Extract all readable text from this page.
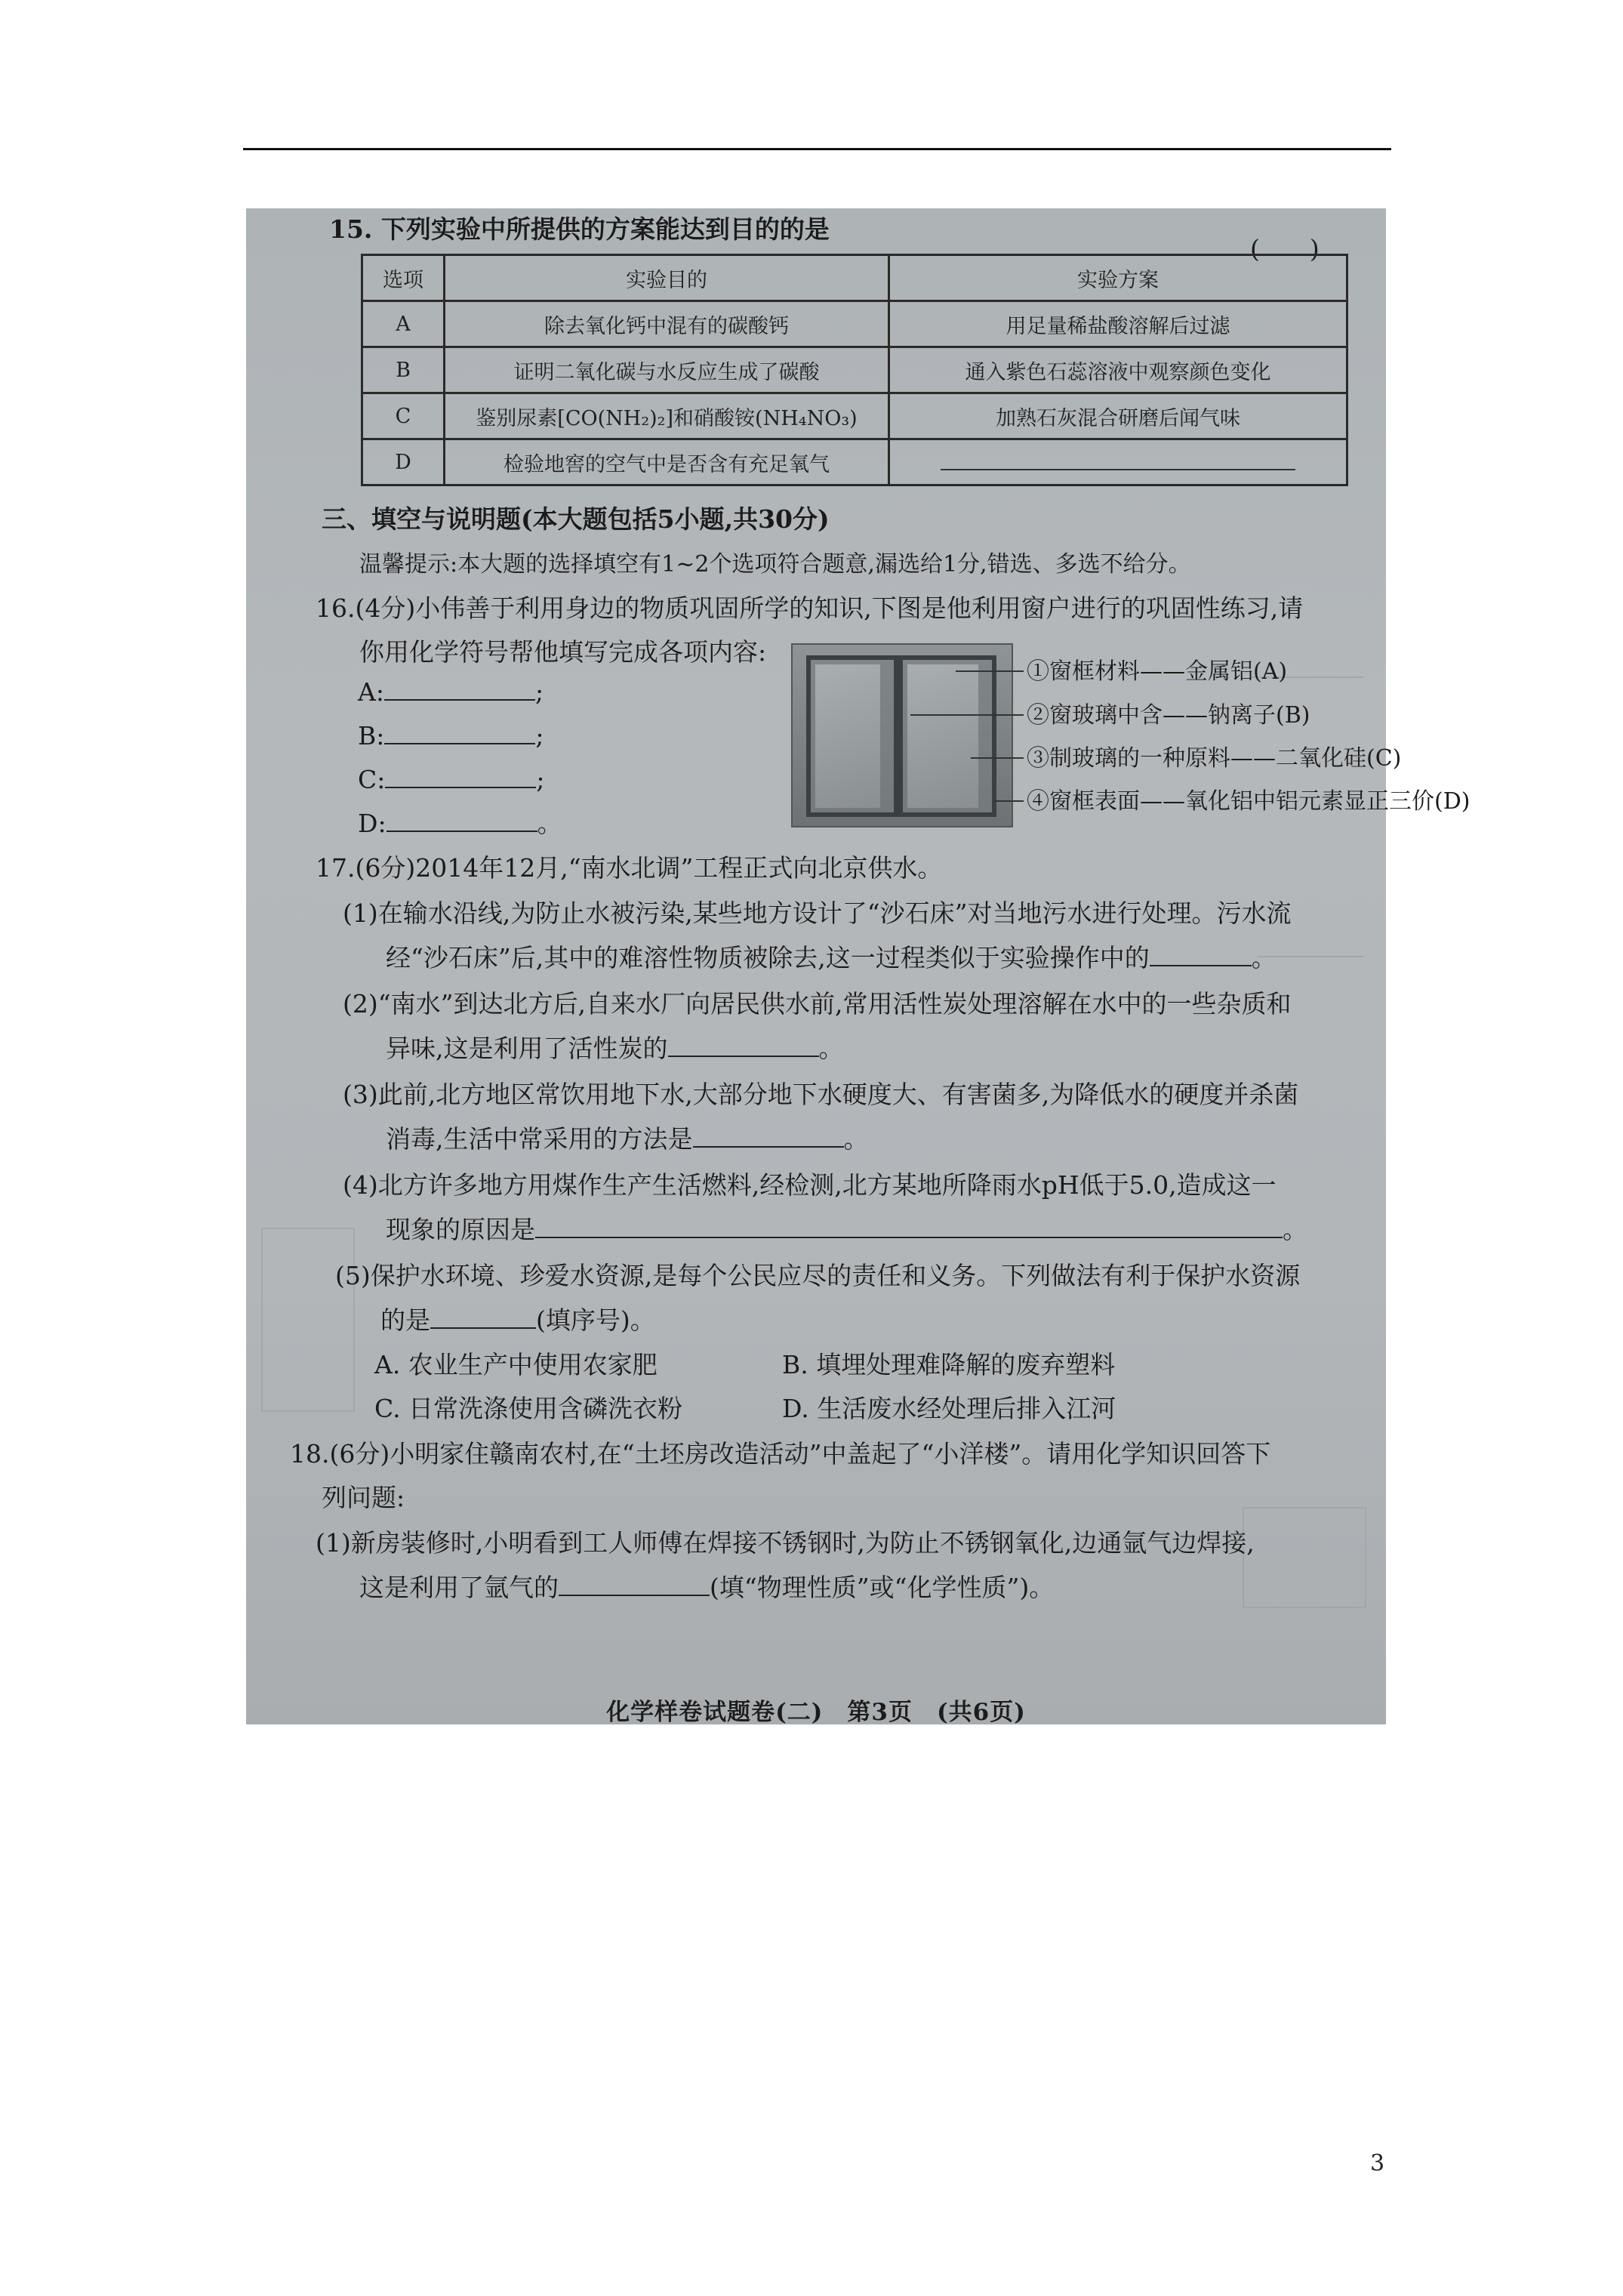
15. 下列实验中所提供的方案能达到目的的是
(　　)
选项	实验目的	实验方案
A	除去氧化钙中混有的碳酸钙	用足量稀盐酸溶解后过滤
B	证明二氧化碳与水反应生成了碳酸	通入紫色石蕊溶液中观察颜色变化
C	鉴别尿素[CO(NH₂)₂]和硝酸铵(NH₄NO₃)	加熟石灰混合研磨后闻气味
D	检验地窖的空气中是否含有充足氧气	
三、填空与说明题(本大题包括5小题,共30分)
温馨提示:本大题的选择填空有1~2个选项符合题意,漏选给1分,错选、多选不给分。
16.(4分)小伟善于利用身边的物质巩固所学的知识,下图是他利用窗户进行的巩固性练习,请
你用化学符号帮他填写完成各项内容:
A:	;
B:	;
C:	;
D:	。
①窗框材料——金属铝(A)
②窗玻璃中含——钠离子(B)
③制玻璃的一种原料——二氧化硅(C)
④窗框表面——氧化铝中铝元素显正三价(D)
17.(6分)2014年12月,“南水北调”工程正式向北京供水。
(1)在输水沿线,为防止水被污染,某些地方设计了“沙石床”对当地污水进行处理。污水流
经“沙石床”后,其中的难溶性物质被除去,这一过程类似于实验操作中的	。
(2)“南水”到达北方后,自来水厂向居民供水前,常用活性炭处理溶解在水中的一些杂质和
异味,这是利用了活性炭的	。
(3)此前,北方地区常饮用地下水,大部分地下水硬度大、有害菌多,为降低水的硬度并杀菌
消毒,生活中常采用的方法是	。
(4)北方许多地方用煤作生产生活燃料,经检测,北方某地所降雨水pH低于5.0,造成这一
现象的原因是	。
(5)保护水环境、珍爱水资源,是每个公民应尽的责任和义务。下列做法有利于保护水资源
的是	(填序号)。
A. 农业生产中使用农家肥	B. 填埋处理难降解的废弃塑料
C. 日常洗涤使用含磷洗衣粉	D. 生活废水经处理后排入江河
18.(6分)小明家住赣南农村,在“土坯房改造活动”中盖起了“小洋楼”。请用化学知识回答下
列问题:
(1)新房装修时,小明看到工人师傅在焊接不锈钢时,为防止不锈钢氧化,边通氩气边焊接,
这是利用了氩气的	(填“物理性质”或“化学性质”)。
化学样卷试题卷(二)　第3页　(共6页)
3
